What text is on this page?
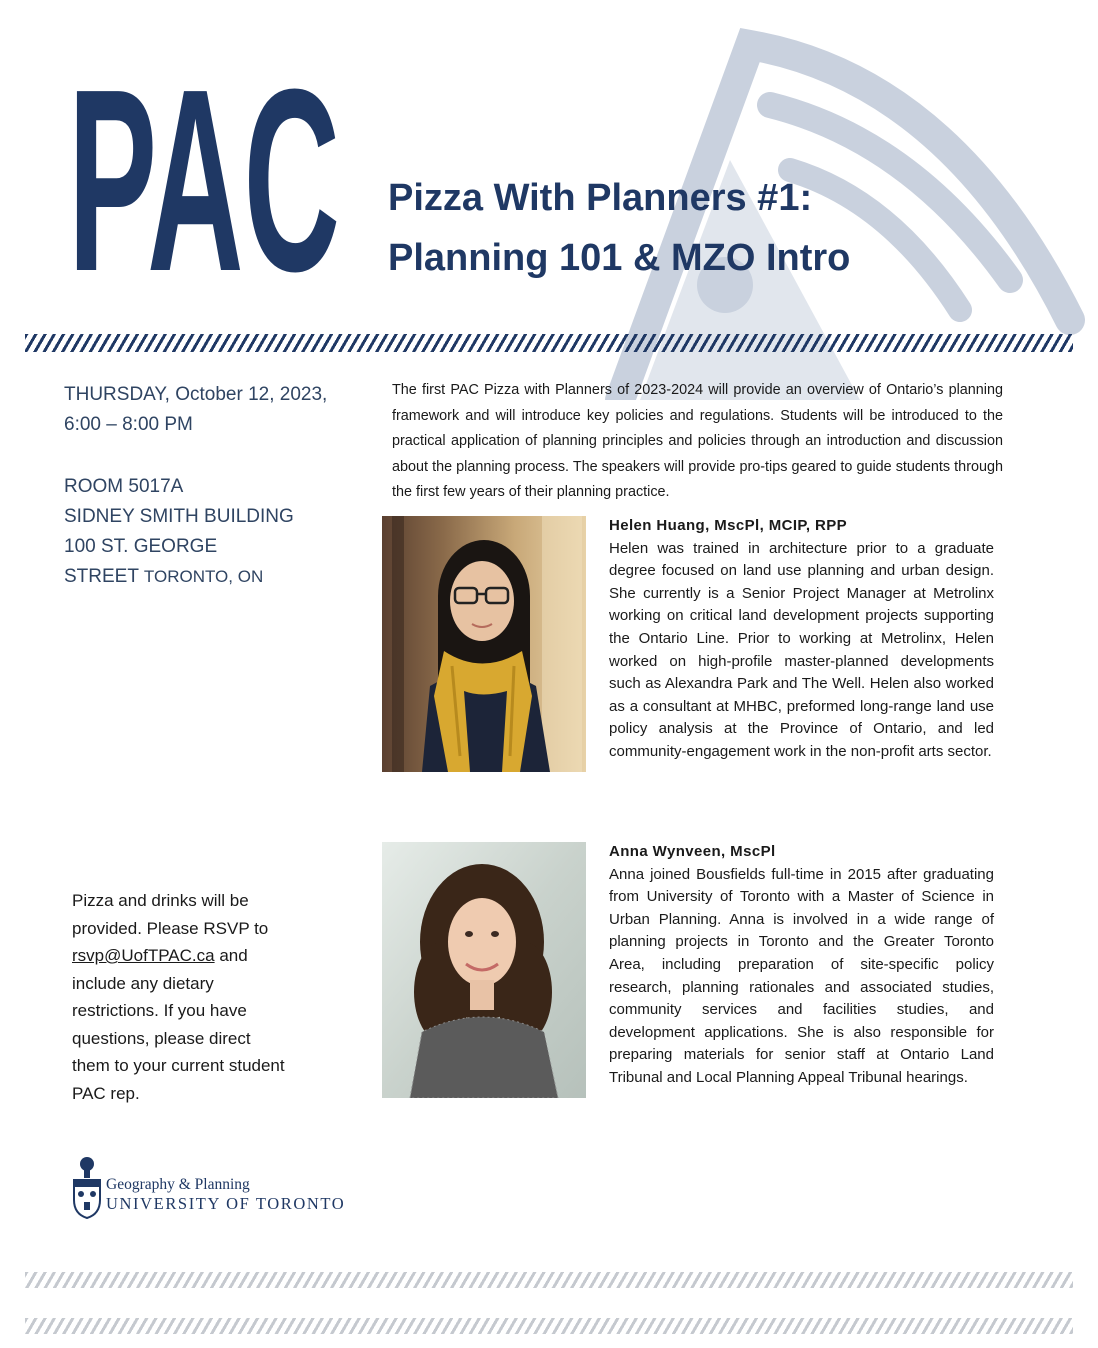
PAC Pizza With Planners #1:
Planning 101 & MZO Intro
THURSDAY, October 12, 2023,
6:00 – 8:00 PM
ROOM 5017A
SIDNEY SMITH BUILDING
100 ST. GEORGE
STREET TORONTO, ON
The first PAC Pizza with Planners of 2023-2024 will provide an overview of Ontario’s planning framework and will introduce key policies and regulations. Students will be introduced to the practical application of planning principles and policies through an introduction and discussion about the planning process. The speakers will provide pro-tips geared to guide students through the first few years of their planning practice.
Helen Huang, MscPl, MCIP, RPP
Helen was trained in architecture prior to a graduate degree focused on land use planning and urban design. She currently is a Senior Project Manager at Metrolinx working on critical land development projects supporting the Ontario Line. Prior to working at Metrolinx, Helen worked on high-profile master-planned developments such as Alexandra Park and The Well. Helen also worked as a consultant at MHBC, preformed long-range land use policy analysis at the Province of Ontario, and led community-engagement work in the non-profit arts sector.
Anna Wynveen, MscPl
Anna joined Bousfields full-time in 2015 after graduating from University of Toronto with a Master of Science in Urban Planning. Anna is involved in a wide range of planning projects in Toronto and the Greater Toronto Area, including preparation of site-specific policy research, planning rationales and associated studies, community services and facilities studies, and development applications. She is also responsible for preparing materials for senior staff at Ontario Land Tribunal and Local Planning Appeal Tribunal hearings.
Pizza and drinks will be provided. Please RSVP to rsvp@UofTPAC.ca and include any dietary restrictions. If you have questions, please direct them to your current student PAC rep.
Geography & Planning
UNIVERSITY OF TORONTO
